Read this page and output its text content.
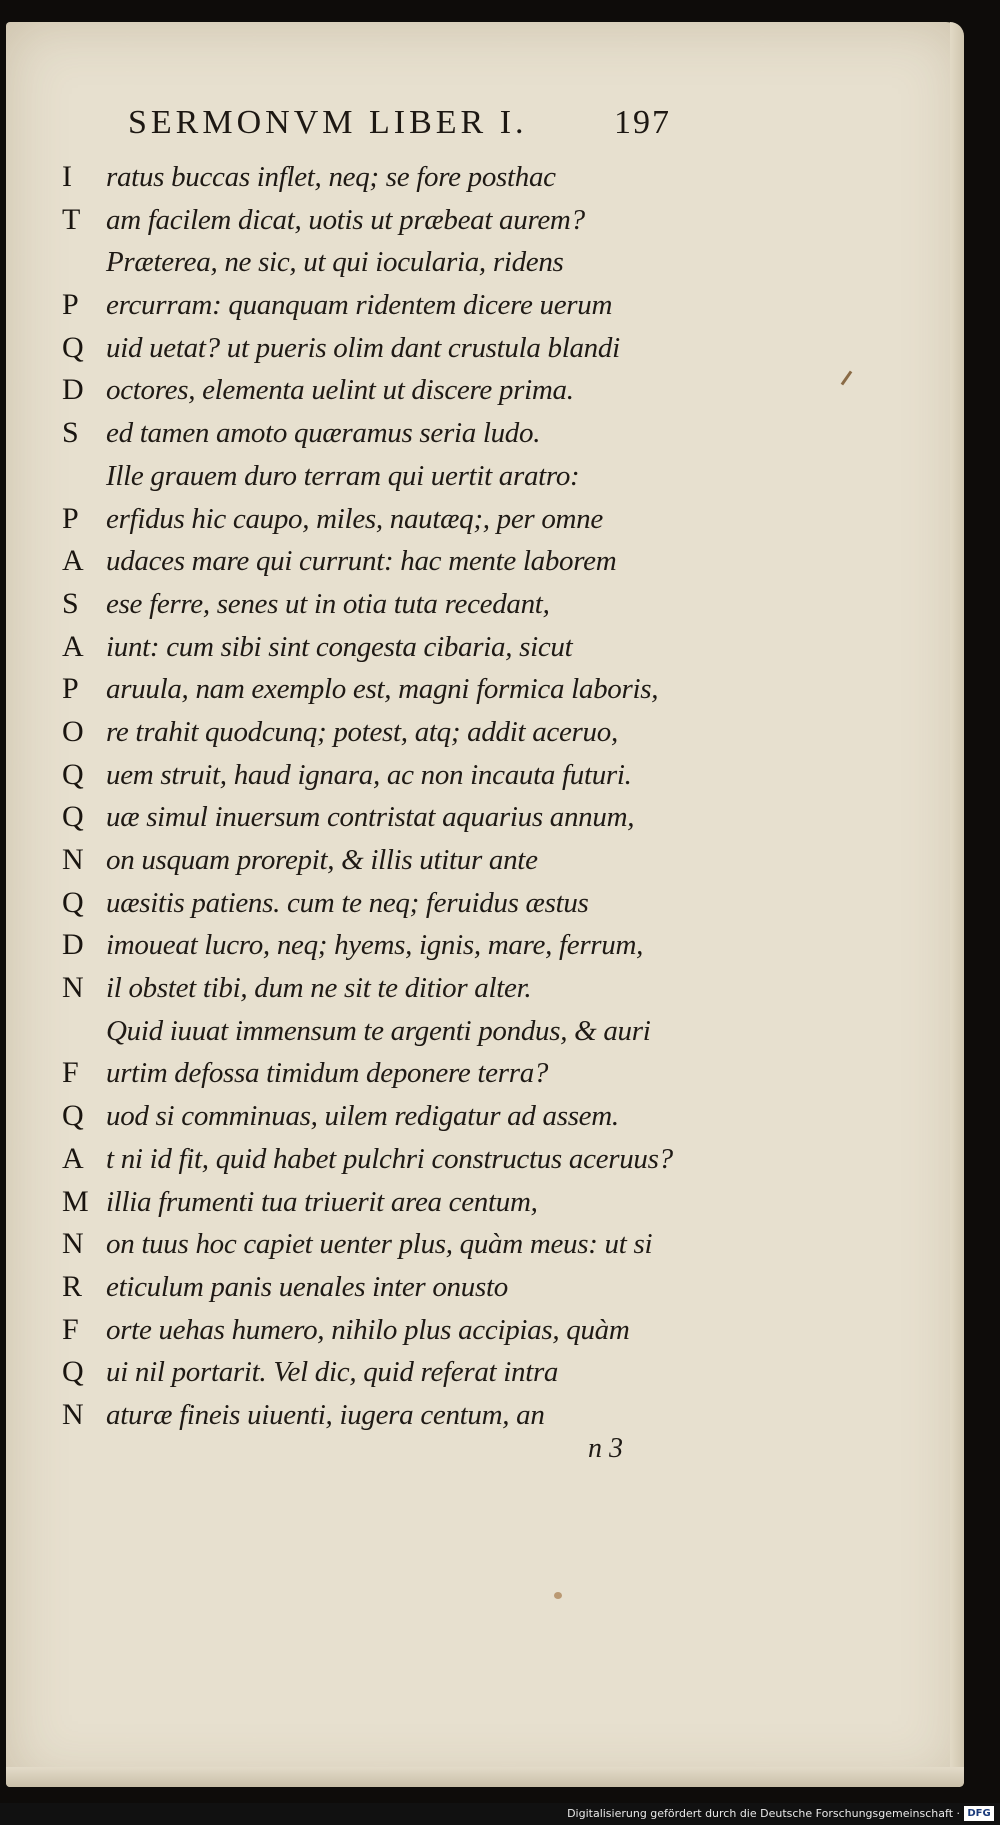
SERMONVM LIBER I.	197
I	ratus buccas inflet, neq; se fore posthac
T am facilem dicat, uotis ut præbeat aurem?
Præterea, ne sic, ut qui iocularia, ridens
P ercurram: quanquam ridentem dicere uerum
Q uid uetat? ut pueris olim dant crustula blandi
D octores, elementa uelint ut discere prima.
S ed tamen amoto quæramus seria ludo.
Ille grauem duro terram qui uertit aratro:
P erfidus hic caupo, miles, nautæq;, per omne
A udaces mare qui currunt: hac mente laborem
S ese ferre, senes ut in otia tuta recedant,
A iunt: cum sibi sint congesta cibaria, sicut
P aruula, nam exemplo est, magni formica laboris,
O re trahit quodcunq; potest, atq; addit aceruo,
Q uem struit, haud ignara, ac non incauta futuri.
Q uæ simul inuersum contristat aquarius annum,
N on usquam prorepit, & illis utitur ante
Q uæsitis patiens. cum te neq; feruidus æstus
D imoueat lucro, neq; hyems, ignis, mare, ferrum,
N il obstet tibi, dum ne sit te ditior alter.
Quid iuuat immensum te argenti pondus, & auri
F urtim defossa timidum deponere terra?
Q uod si comminuas, uilem redigatur ad assem.
A t ni id fit, quid habet pulchri constructus aceruus?
M illia frumenti tua triuerit area centum,
N on tuus hoc capiet uenter plus, quàm meus: ut si
R eticulum panis uenales inter onusto
F orte uehas humero, nihilo plus accipias, quàm
Q ui nil portarit. Vel dic, quid referat intra
N aturæ fineis uiuenti, iugera centum, an
n 3
Digitalisierung gefördert durch die Deutsche Forschungsgemeinschaft · DFG
